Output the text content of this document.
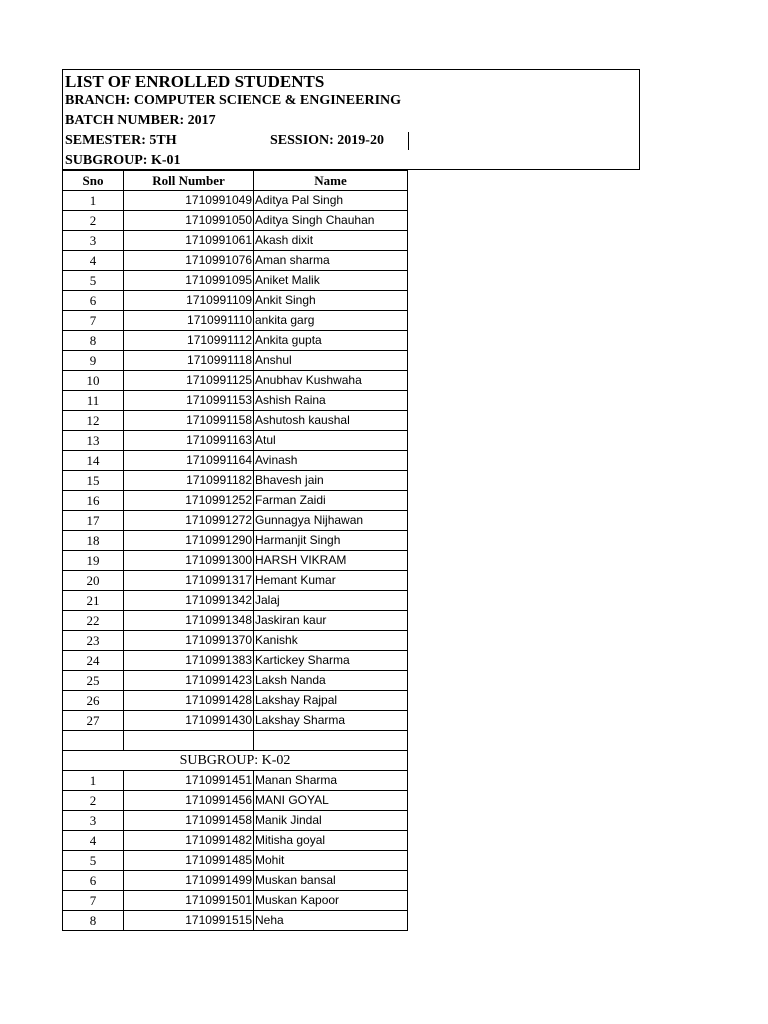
LIST OF ENROLLED STUDENTS
BRANCH: COMPUTER SCIENCE & ENGINEERING
BATCH NUMBER: 2017
SEMESTER: 5TH	SESSION: 2019-20
SUBGROUP: K-01
Sno	Roll Number	Name
1	1710991049	Aditya Pal Singh
2	1710991050	Aditya Singh Chauhan
3	1710991061	Akash dixit
4	1710991076	Aman sharma
5	1710991095	Aniket Malik
6	1710991109	Ankit Singh
7	1710991110	ankita garg
8	1710991112	Ankita gupta
9	1710991118	Anshul
10	1710991125	Anubhav Kushwaha
11	1710991153	Ashish Raina
12	1710991158	Ashutosh kaushal
13	1710991163	Atul
14	1710991164	Avinash
15	1710991182	Bhavesh jain
16	1710991252	Farman Zaidi
17	1710991272	Gunnagya Nijhawan
18	1710991290	Harmanjit Singh
19	1710991300	HARSH VIKRAM
20	1710991317	Hemant Kumar
21	1710991342	Jalaj
22	1710991348	Jaskiran kaur
23	1710991370	Kanishk
24	1710991383	Kartickey Sharma
25	1710991423	Laksh Nanda
26	1710991428	Lakshay Rajpal
27	1710991430	Lakshay Sharma

SUBGROUP: K-02		
1	1710991451	Manan Sharma
2	1710991456	MANI GOYAL
3	1710991458	Manik Jindal
4	1710991482	Mitisha goyal
5	1710991485	Mohit
6	1710991499	Muskan bansal
7	1710991501	Muskan Kapoor
8	1710991515	Neha
